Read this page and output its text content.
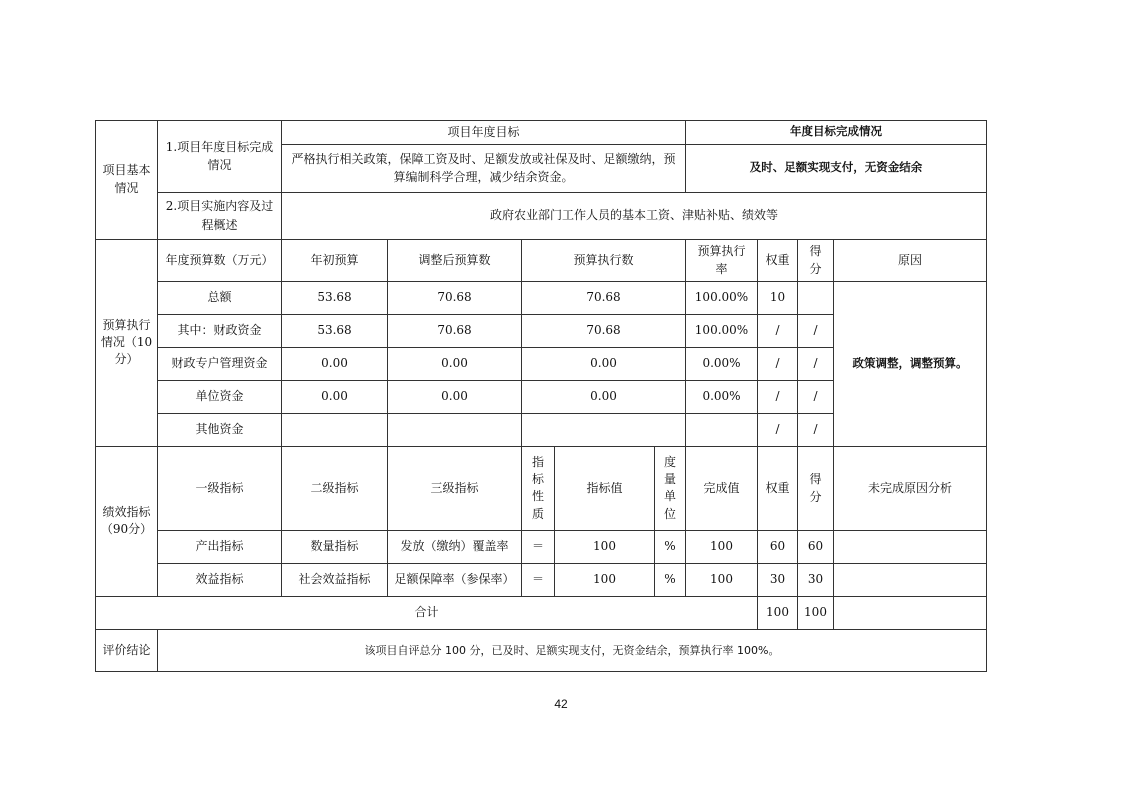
项目基本情况	1.项目年度目标完成情况	项目年度目标					年度目标完成情况			
		严格执行相关政策，保障工资及时、足额发放或社保及时、足额缴纳，预算编制科学合理，减少结余资金。					及时、足额实现支付，无资金结余			
	2.项目实施内容及过程概述	政府农业部门工作人员的基本工资、津贴补贴、绩效等								

预算执行情况（10分）	年度预算数（万元）	年初预算	调整后预算数	预算执行数			预算执行率	权重	得分	原因
	总额	53.68	70.68	70.68			100.00%	10		政策调整，调整预算。
	其中：财政资金	53.68	70.68	70.68			100.00%	/	/	
	财政专户管理资金	0.00	0.00	0.00			0.00%	/	/	
	单位资金	0.00	0.00	0.00			0.00%	/	/	
	其他资金							/	/	

绩效指标（90分）	一级指标	二级指标	三级指标	指标性质	指标值	度量单位	完成值	权重	得分	未完成原因分析
	产出指标	数量指标	发放（缴纳）覆盖率	＝	100	%	100	60	60	
	效益指标	社会效益指标	足额保障率（参保率）	＝	100	%	100	30	30	
合计								100	100	

评价结论	该项目自评总分 100 分，已及时、足额实现支付，无资金结余，预算执行率 100%。									
42
